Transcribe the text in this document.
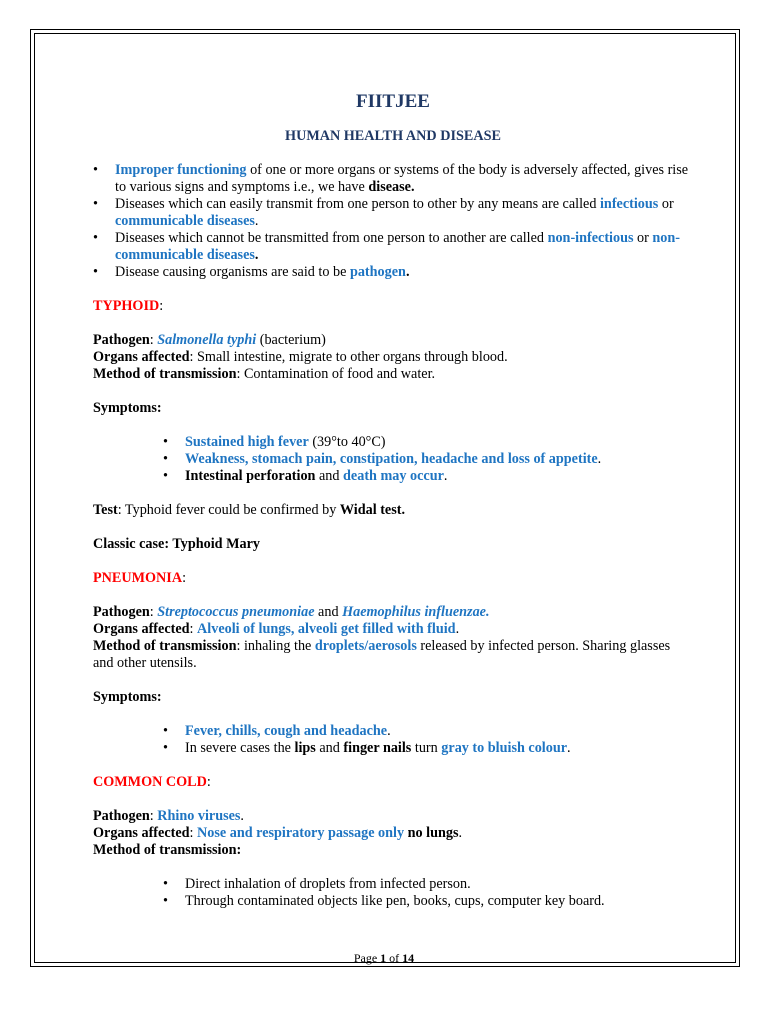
FIITJEE
HUMAN HEALTH AND DISEASE
• Improper functioning of one or more organs or systems of the body is adversely affected, gives rise to various signs and symptoms i.e., we have disease.
• Diseases which can easily transmit from one person to other by any means are called infectious or communicable diseases.
• Diseases which cannot be transmitted from one person to another are called non-infectious or non-communicable diseases.
• Disease causing organisms are said to be pathogen.
TYPHOID:
Pathogen: Salmonella typhi (bacterium)
Organs affected: Small intestine, migrate to other organs through blood.
Method of transmission: Contamination of food and water.
Symptoms:
• Sustained high fever (39°to 40°C)
• Weakness, stomach pain, constipation, headache and loss of appetite.
• Intestinal perforation and death may occur.
Test: Typhoid fever could be confirmed by Widal test.
Classic case: Typhoid Mary
PNEUMONIA:
Pathogen: Streptococcus pneumoniae and Haemophilus influenzae.
Organs affected: Alveoli of lungs, alveoli get filled with fluid.
Method of transmission: inhaling the droplets/aerosols released by infected person. Sharing glasses and other utensils.
Symptoms:
• Fever, chills, cough and headache.
• In severe cases the lips and finger nails turn gray to bluish colour.
COMMON COLD:
Pathogen: Rhino viruses.
Organs affected: Nose and respiratory passage only no lungs.
Method of transmission:
• Direct inhalation of droplets from infected person.
• Through contaminated objects like pen, books, cups, computer key board.
Page 1 of 14
